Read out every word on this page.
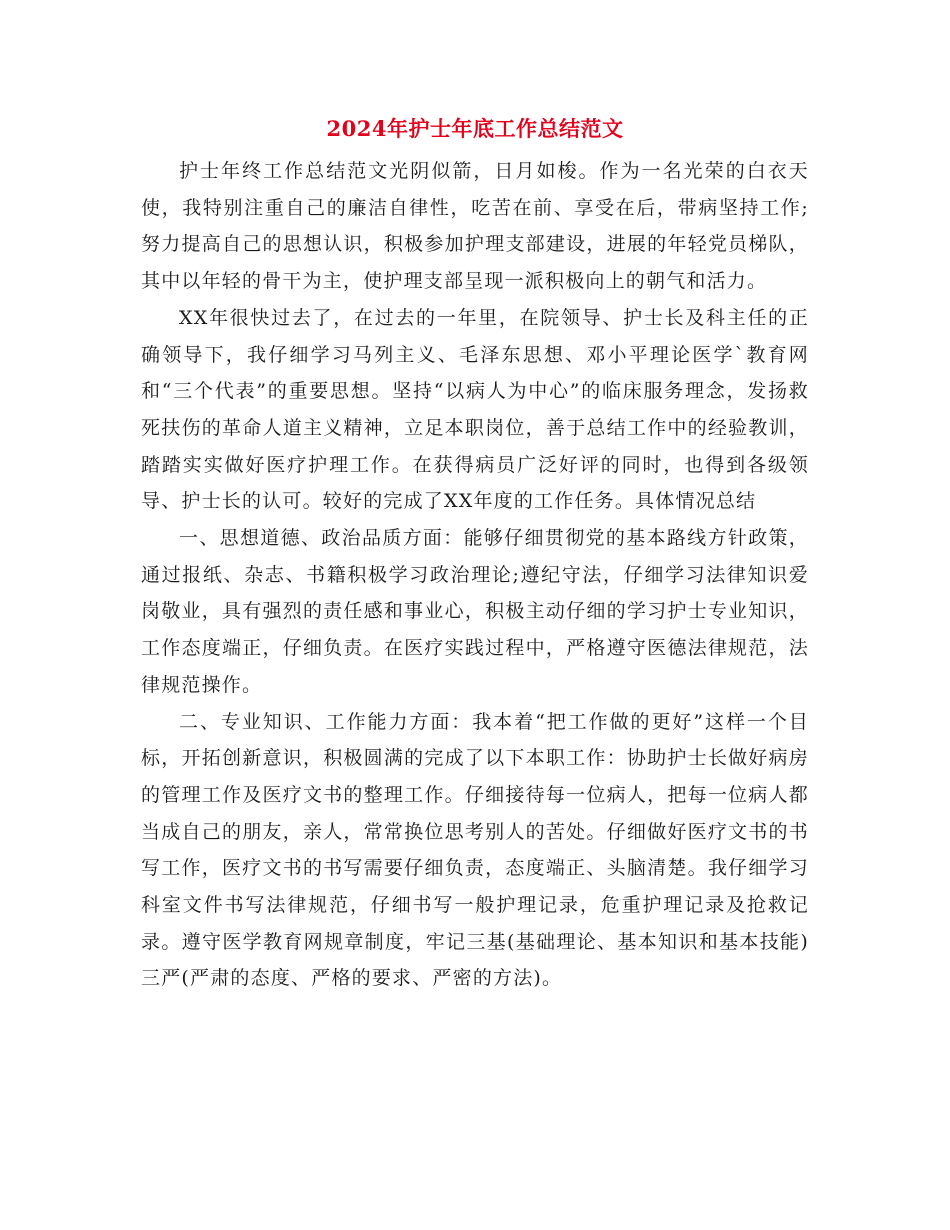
2024年护士年底工作总结范文

护士年终工作总结范文光阴似箭，日月如梭。作为一名光荣的白衣天使，我特别注重自己的廉洁自律性，吃苦在前、享受在后，带病坚持工作;努力提高自己的思想认识，积极参加护理支部建设，进展的年轻党员梯队，其中以年轻的骨干为主，使护理支部呈现一派积极向上的朝气和活力。

XX年很快过去了，在过去的一年里，在院领导、护士长及科主任的正确领导下，我仔细学习马列主义、毛泽东思想、邓小平理论医学`教育网和“三个代表”的重要思想。坚持“以病人为中心”的临床服务理念，发扬救死扶伤的革命人道主义精神，立足本职岗位，善于总结工作中的经验教训，踏踏实实做好医疗护理工作。在获得病员广泛好评的同时，也得到各级领导、护士长的认可。较好的完成了XX年度的工作任务。具体情况总结

一、思想道德、政治品质方面：能够仔细贯彻党的基本路线方针政策，通过报纸、杂志、书籍积极学习政治理论;遵纪守法，仔细学习法律知识爱岗敬业，具有强烈的责任感和事业心，积极主动仔细的学习护士专业知识，工作态度端正，仔细负责。在医疗实践过程中，严格遵守医德法律规范，法律规范操作。

二、专业知识、工作能力方面：我本着“把工作做的更好”这样一个目标，开拓创新意识，积极圆满的完成了以下本职工作：协助护士长做好病房的管理工作及医疗文书的整理工作。仔细接待每一位病人，把每一位病人都当成自己的朋友，亲人，常常换位思考别人的苦处。仔细做好医疗文书的书写工作，医疗文书的书写需要仔细负责，态度端正、头脑清楚。我仔细学习科室文件书写法律规范，仔细书写一般护理记录，危重护理记录及抢救记录。遵守医学教育网规章制度，牢记三基(基础理论、基本知识和基本技能)三严(严肃的态度、严格的要求、严密的方法)。
